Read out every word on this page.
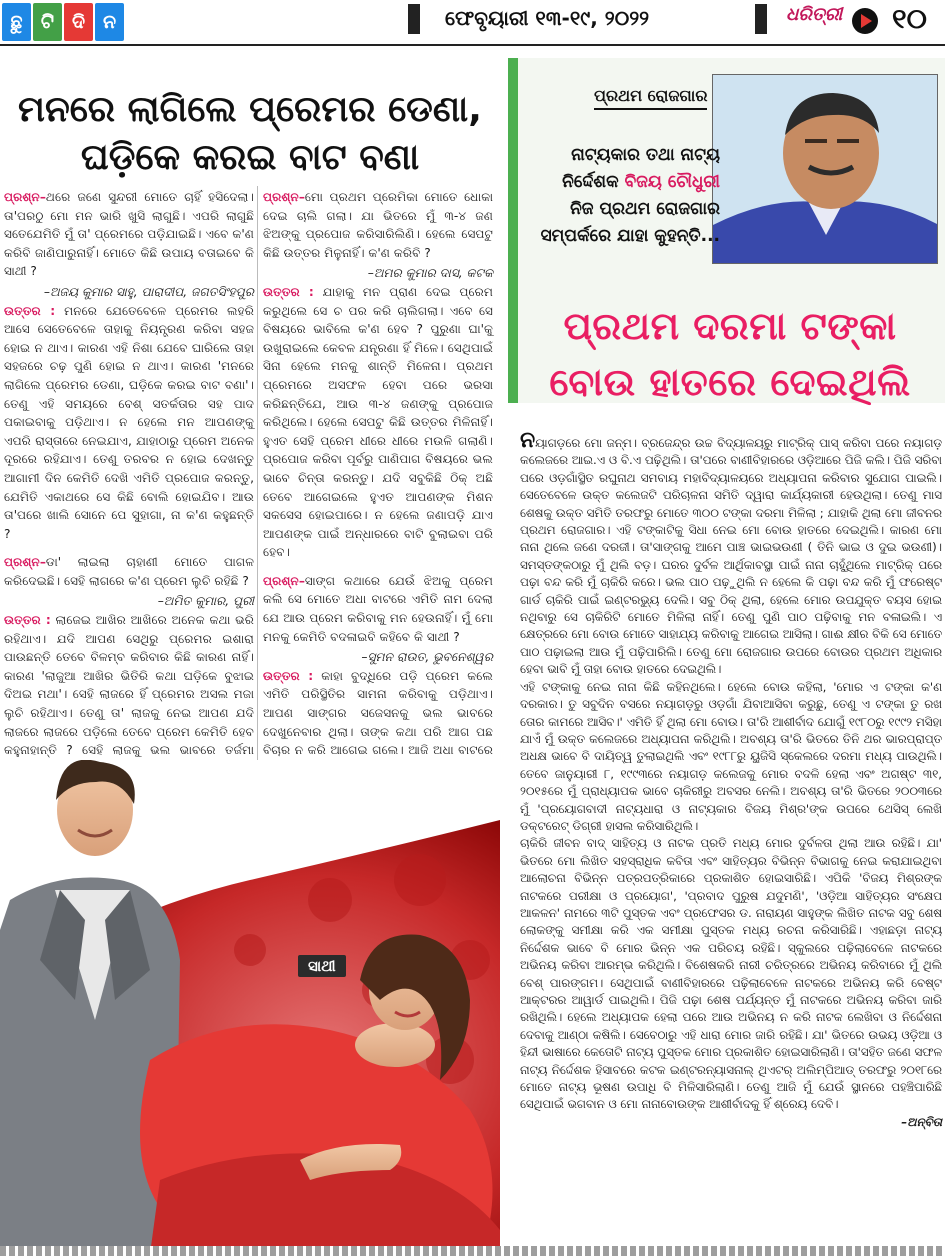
ଛୁ ଟି ଦି ନ	ଫେବୃୟାରୀ ୧୩-୧୯, ୨୦୨୨	ଧରିତ୍ରୀ ୧୦
ମନରେ ଲାଗିଲେ ପ୍ରେମର ଡେଣା,
ଘଡ଼ିକେ କରଇ ବାଟ ବଣା

ପ୍ରଶ୍ନ–ଥରେ ଜଣେ ସୁନ୍ଦରୀ ମୋତେ ଚାହିଁ ହସିଦେଲା। ତା'ପରଠୁ ମୋ ମନ ଭାରି ଖୁସି ଲାଗୁଛି। ଏପରି ଲାଗୁଛି ସତେଯେମିତି ମୁଁ ତା' ପ୍ରେମରେ ପଡ଼ିଯାଇଛି। ଏବେ କ'ଣ କରିବି ଜାଣିପାରୁନାହିଁ। ମୋତେ କିଛି ଉପାୟ ବତାଇବେ କି ସାଥୀ ?

–ଅଜୟ କୁମାର ସାହୁ, ପାରାଦୀପ, ଜଗତସିଂହପୁର

ଉତ୍ତର : ମନରେ ଯେତେବେଳେ ପ୍ରେମର ଲହରି ଆସେ ସେତେବେଳେ ତାହାକୁ ନିୟନ୍ତ୍ରଣ କରିବା ସହଜ ହୋଇ ନ ଥାଏ। କାରଣ ଏହି ନିଶା ଯେବେ ଘାରିଲେ ତାହା ସହଜରେ ଚଢ଼ ପୁଣି ହୋଇ ନ ଥାଏ। କାରଣ 'ମନରେ ଲାଗିଲେ ପ୍ରେମର ଡେଣା, ଘଡ଼ିକେ କରଇ ବାଟ ବଣା'। ତେଣୁ ଏହି ସମୟରେ ବେଶ୍ ସତର୍କତାର ସହ ପାଦ ପକାଇବାକୁ ପଡ଼ିଥାଏ। ନ ହେଲେ ମନ ଆପଣଙ୍କୁ ଏପରି ରାସ୍ତାରେ ନେଇଯାଏ, ଯାହାଠାରୁ ପ୍ରେମ ଅନେକ ଦୂରରେ ରହିଯାଏ। ତେଣୁ ତରବର ନ ହୋଇ ଦେଖନ୍ତୁ ଆଗାମୀ ଦିନ କେମିତି ଦେଖି ଏମିତି ପ୍ରପୋଜ କରନ୍ତୁ, ଯେମିତି ଏକାଥରେ ସେ କିଛି ବୋଲି ହୋଇଯିବ। ଆଉ ତା'ପରେ ଖାଲି ସୋନେ ପେ ସୁହାଗା, ନା କ'ଣ କହୁଛନ୍ତି ?

ପ୍ରଶ୍ନ–ଡା' ଲାଇଲା ଚାହାଣୀ ମୋତେ ପାଗଳ କରିଦେଇଛି। ସେହି ଲାଗରେ କ'ଣ ପ୍ରେମ ଲୁଚି ରହିଛି ?

–ଅମିତ କୁମାର, ପୁରୀ

ଉତ୍ତର : ଲାଜେଇ ଆଖିର ଆଖିରେ ଅନେକ କଥା ଭରି ରହିଥାଏ। ଯଦି ଆପଣ ସେଥିରୁ ପ୍ରେମର ଇଶାରା ପାଉଛନ୍ତି ତେବେ ବିଳମ୍ବ କରିବାର କିଛି କାରଣ ନାହିଁ। କାରଣ 'ଲାଜୁଆ ଆଖିର ଭିତିରି କଥା ଘଡ଼ିକେ ବୁଝାଇ ଦିଅଇ ମଥା'। ସେହି ଲାଜରେ ହିଁ ପ୍ରେମର ଅସଲ ମଜା ଲୁଚି ରହିଥାଏ। ତେଣୁ ତା' ଲାଜକୁ ନେଇ ଆପଣ ଯଦି ଲାଜରେ ଲାଜରେ ପଡ଼ିଲେ ତେବେ ପ୍ରେମ କେମିତି ହେବ କହୁନାହାନ୍ତି ? ସେହି ଲାଜକୁ ଭଲ ଭାବରେ ତର୍ଜମା

ପ୍ରଶ୍ନ–ମୋ ପ୍ରଥମ ପ୍ରେମିକା ମୋତେ ଧୋକା ଦେଇ ଚାଲି ଗଲା। ଯା ଭିତରେ ମୁଁ ୩-୪ ଜଣ ଝିଅଙ୍କୁ ପ୍ରପୋଜ କରିସାରିଲିଣି। ହେଲେ ସେପଟୁ କିଛି ଉତ୍ତର ମିଳୁନାହିଁ। କ'ଣ କରିବି ?

–ଅମର କୁମାର ଦାସ, କଟକ

ଉତ୍ତର : ଯାହାକୁ ମନ ପ୍ରାଣ ଦେଇ ପ୍ରେମ କରୁଥିଲେ ସେ ଚ ପର କରି ଚାଲିଗଲା। ଏବେ ସେ ବିଷୟରେ ଭାବିଲେ କ'ଣ ହେବ ? ପୁରୁଣା ଘା'କୁ ଉଖୁରାଇଲେ କେବଳ ଯନ୍ତ୍ରଣା ହିଁ ମିଳେ। ସେଥିପାଇଁ ସିନା ହେଲେ ମନକୁ ଶାନ୍ତି ମିଳେନା। ପ୍ରଥମ ପ୍ରେମରେ ଅସଫଳ ହେବା ପରେ ଭରସା କରିଛନ୍ତିଯେ, ଆଉ ୩-୪ ଜଣଙ୍କୁ ପ୍ରପୋଜ କରିଥିଲେ। ହେଲେ ସେପଟୁ କିଛି ଉତ୍ତର ମିଳିନାହିଁ। ହୁଏତ ସେହି ପ୍ରେମ ଧୀରେ ଧୀରେ ମଉଳି ଗଲାଣି। ପ୍ରପୋଜ କରିବା ପୂର୍ବରୁ ପାଣିପାଗ ବିଷୟରେ ଭଲ ଭାବେ ଚିନ୍ତା କରନ୍ତୁ। ଯଦି ସବୁକିଛି ଠିକ୍ ଅଛି ତେବେ ଆଗେଇଲେ ହୁଏତ ଆପଣଙ୍କ ମିଶନ ସକସେସ ହୋଇପାରେ। ନ ହେଲେ ଜଣାପଡ଼ି ଯାଏ ଆପଣଙ୍କ ପାଇଁ ଅନ୍ଧାରରେ ବାଟି ବୁଲାଇବା ପରି ହେବ।

ପ୍ରଶ୍ନ–ସାଙ୍ଗ କଥାରେ ଯେଉଁ ଝିଅକୁ ପ୍ରେମ କଲି ସେ ମୋତେ ଅଧା ବାଟରେ ଏମିତି ନାମ ଦେଲା ଯେ ଆଉ ପ୍ରେମ କରିବାକୁ ମନ ହେଉନାହିଁ। ମୁଁ ମୋ ମନକୁ କେମିତି ବଦଳାଇବି କହିବେ କି ସାଥୀ ?

–ସୁମନ ରାଉତ, ଭୁବନେଶ୍ୱର

ଉତ୍ତର : କାହା ବୁଦ୍ଧିରେ ପଡ଼ି ପ୍ରେମ କଲେ ଏମିତି ପରିସ୍ଥିତିର ସାମନା କରିବାକୁ ପଡ଼ିଥାଏ। ଆପଣ ସାଙ୍ଗର ସଜେସନକୁ ଭଲ ଭାବରେ ଦେଖୁନେବାର ଥିଲା। ତାଙ୍କ କଥା ପରି ଆଗ ପଛ ବିଚାର ନ କରି ଆଗେଇ ଗଲେ। ଆଜି ଅଧା ବାଟରେ

ସାଥୀ
ପ୍ରଥମ ରୋଜଗାର
ନାଟ୍ୟକାର ତଥା ନାଟ୍ୟ ନିର୍ଦ୍ଦେଶକ ବିଜୟ ଚୌଧୁରୀ ନିଜ ପ୍ରଥମ ରୋଜଗାର ସମ୍ପର୍କରେ ଯାହା କୁହନ୍ତି...
ପ୍ରଥମ ଦରମା ଟଙ୍କା
ବୋଉ ହାତରେ ଦେଇଥିଲି

ନୟାଗଡ଼ରେ ମୋ ଜନ୍ମ। ବ୍ରଜେନ୍ଦ୍ର ଉଚ୍ଚ ବିଦ୍ୟାଳୟରୁ ମାଟ୍ରିକ୍ ପାସ୍ କରିବା ପରେ ନୟାଗଡ଼ କଲେଜରେ ଆଇ.ଏ ଓ ବି.ଏ ପଢ଼ିଥିଲି। ତା'ପରେ ବାଣୀବିହାରରେ ଓଡ଼ିଆରେ ପିଜି କଲି। ପିଜି ସରିବା ପରେ ଓଡ଼ଗାଁସ୍ଥିତ ରଘୁନାଥ ସମବାୟ ମହାବିଦ୍ୟାଳୟରେ ଅଧ୍ୟାପନା କରିବାର ସୁଯୋଗ ପାଇଲି। ସେତେବେଳେ ଉକ୍ତ କଲେଜଟି ପରିଚାଳନା ସମିତି ଦ୍ୱାରା କାର୍ଯ୍ୟକାରୀ ହେଉଥିଲା। ତେଣୁ ମାସ ଶେଷକୁ ଉକ୍ତ ସମିତି ତରଫରୁ ମୋତେ ୩୦୦ ଟଙ୍କା ଦରମା ମିଳିଲା ; ଯାହାକି ଥିଲା ମୋ ଜୀବନର ପ୍ରଥମ ରୋଜଗାର। ଏହି ଟଙ୍କାଟିକୁ ସିଧା ନେଇ ମୋ ବୋଉ ହାତରେ ଦେଇଥିଲି। କାରଣ ମୋ ନାନା ଥିଲେ ଜଣେ ଦରଜୀ। ତା'ସାଙ୍ଗକୁ ଆମେ ପାଞ୍ଚ ଭାଇଭଉଣୀ ( ତିନି ଭାଇ ଓ ଦୁଇ ଭଉଣୀ)। ସମସ୍ତଙ୍କଠାରୁ ମୁଁ ଥିଲି ବଡ଼। ଘରର ଦୁର୍ବଳ ଆର୍ଥିକାବସ୍ଥା ପାଇଁ ନାନା ଚାହୁଁଥିଲେ ମାଟ୍ରିକ୍ ପରେ ପଢ଼ା ବନ୍ଦ କରି ମୁଁ ଚାକିରି କରେ। ଭଲ ପାଠ ପଢ଼ୁଥିଲି ନ ହେଲେ କି ପଢ଼ା ବନ୍ଦ କରି ମୁଁ ଫରେଷ୍ଟ ଗାର୍ଡ ଚାକିରି ପାଇଁ ଇଣ୍ଟରଭ୍ୟୁ ଦେଲି। ସବୁ ଠିକ୍ ଥିଲା, ହେଲେ ମୋର ଉପଯୁକ୍ତ ବୟସ ହୋଇ ନଥିବାରୁ ସେ ଚାକିରିଟି ମୋତେ ମିଳିଲା ନାହିଁ। ତେଣୁ ପୁଣି ପାଠ ପଢ଼ିବାକୁ ମନ ବଳାଇଲି। ଏ କ୍ଷେତ୍ରରେ ମୋ ବୋଉ ମୋତେ ସାହାଯ୍ୟ କରିବାକୁ ଆଗେଇ ଆସିଲା। ଗାଈ କ୍ଷୀର ବିକି ସେ ମୋତେ ପାଠ ପଢ଼ାଇଲା ଆଉ ମୁଁ ପଢ଼ିପାରିଲି। ତେଣୁ ମୋ ରୋଜଗାର ଉପରେ ବୋଉର ପ୍ରଥମ ଅଧିକାର ହେବା ଭାବି ମୁଁ ତାହା ବୋଉ ହାତରେ ଦେଇଥିଲି।

ଏହି ଟଙ୍କାକୁ ନେଇ ନାନା କିଛି କହିନଥିଲେ। ହେଲେ ବୋଉ କହିଲା, 'ମୋର ଏ ଟଙ୍କା କ'ଣ ଦରକାର। ତୁ ସବୁଦିନ ବସରେ ନୟାଗଡ଼ରୁ ଓଡ଼ଗାଁ ଯିବାଆସିବା କରୁଛୁ, ତେଣୁ ଏ ଟଙ୍କା ତୁ ରଖ ତୋର କାମରେ ଆସିବ।' ଏମିତି ହିଁ ଥିଲା ମୋ ବୋଉ। ତା'ରି ଆଶୀର୍ବାଦ ଯୋଗୁଁ ୧୯୮୦ରୁ ୧୯୯୨ ମସିହା ଯାଏଁ ମୁଁ ଉକ୍ତ କଲେଜରେ ଅଧ୍ୟାପନା କରିଥିଲି। ଅବଶ୍ୟ ତା'ରି ଭିତରେ ତିନି ଥର ଭାରପ୍ରାପ୍ତ ଅଧକ୍ଷ ଭାବେ ବି ଦାୟିତ୍ୱ ତୁଲାଇଥିଲି ଏବଂ ୧୯୮୮ରୁ ୟୁଜିସି ସ୍କେଲରେ ଦରମା ମଧ୍ୟ ପାଉଥିଲି। ତେବେ ଜାନୁୟାରୀ ୮, ୧୯୯୩ରେ ନୟାଗଡ଼ କଲେଜକୁ ମୋର ବଦଳି ହେଲା ଏବଂ ଅଗଷ୍ଟ ୩୧, ୨୦୧୫ରେ ମୁଁ ପ୍ରାଧ୍ୟାପକ ଭାବେ ଚାକିରୀରୁ ଅବସର ନେଲି। ଅବଶ୍ୟ ତା'ରି ଭିତରେ ୨୦୦୩ରେ ମୁଁ 'ପ୍ରୟୋଗବାଦୀ ନାଟ୍ୟଧାରା ଓ ନାଟ୍ୟକାର ବିଜୟ ମିଶ୍ର'ଙ୍କ ଉପରେ ଥେସିସ୍ ଲେଖି ଡକ୍ଟରେଟ୍ ଡିଗ୍ରୀ ହାସଲ କରିସାରିଥିଲି।

ଚାକିରି ଜୀବନ ବାଦ୍ ସାହିତ୍ୟ ଓ ନାଟକ ପ୍ରତି ମଧ୍ୟ ମୋର ଦୁର୍ବଳତା ଥିଲା ଆଉ ରହିଛି। ଯା' ଭିତରେ ମୋ ଲିଖିତ ସହସ୍ରାଧିକ କବିତା ଏବଂ ସାହିତ୍ୟର ବିଭିନ୍ନ ବିଭାଗକୁ ନେଇ କରାଯାଇଥିବା ଆଲୋଚନା ବିଭିନ୍ନ ପତ୍ରପତ୍ରିକାରେ ପ୍ରକାଶିତ ହୋଇସାରିଛି। ଏପିକି 'ବିଜୟ ମିଶ୍ରଙ୍କ ନାଟକରେ ପରୀକ୍ଷା ଓ ପ୍ରୟୋଗ', 'ପ୍ରବାଦ ପୁରୁଷ ଯଦୁମଣି', 'ଓଡ଼ିଆ ସାହିତ୍ୟର ସଂକ୍ଷେପ ଆକଳନ' ନାମରେ ୩ଟି ପୁସ୍ତକ ଏବଂ ପ୍ରଫେସର ଡ. ନାରାୟଣ ସାହୁଙ୍କ ଲିଖିତ ନାଟକ ସବୁ ଶେଷ ଲୋକଙ୍କୁ ସମୀକ୍ଷା କରି ଏକ ସମୀକ୍ଷା ପୁସ୍ତକ ମଧ୍ୟ ରଚନା କରିସାରିଛି। ଏହାଛଡ଼ା ନାଟ୍ୟ ନିର୍ଦ୍ଦେଶକ ଭାବେ ବି ମୋର ଭିନ୍ନ ଏକ ପରିଚୟ ରହିଛି। ସ୍କୁଲରେ ପଢ଼ିଲାବେଳେ ନାଟକରେ ଅଭିନୟ କରିବା ଆରମ୍ଭ କରିଥିଲି। ବିଶେଷକରି ନାରୀ ଚରିତ୍ରରେ ଅଭିନୟ କରିବାରେ ମୁଁ ଥିଲି ବେଶ୍ ପାରଙ୍ଗମ। ସେଥିପାଇଁ ବାଣୀବିହାରରେ ପଢ଼ିଲାବେଳେ ନାଟକରେ ଅଭିନୟ କରି ବେଷ୍ଟ ଆକ୍ଟରର ଆୱାର୍ଡ ପାଇଥିଲି। ପିଜି ପଢ଼ା ଶେଷ ପର୍ଯ୍ୟନ୍ତ ମୁଁ ନାଟକରେ ଅଭିନୟ କରିବା ଜାରି ରଖିଥିଲି। ହେଲେ ଅଧ୍ୟାପକ ହେଲା ପରେ ଆଉ ଅଭିନୟ ନ କରି ନାଟକ ଲେଖିବା ଓ ନିର୍ଦ୍ଦେଶନା ଦେବାକୁ ଆଣ୍ଠା କଷିଲି। ସେବେଠାରୁ ଏହି ଧାରା ମୋର ଜାରି ରହିଛି। ଯା' ଭିତରେ ଉଭୟ ଓଡ଼ିଆ ଓ ହିନ୍ଦୀ ଭାଷାରେ କେତୋଟି ନାଟ୍ୟ ପୁସ୍ତକ ମୋର ପ୍ରକାଶିତ ହୋଇସାରିଲାଣି। ତା'ସହିତ ଜଣେ ସଫଳ ନାଟ୍ୟ ନିର୍ଦ୍ଦେଶକ ହିସାବରେ କଟକ ଇଣ୍ଟରନ୍ୟାସନାଲ୍ ଥିଏଟର୍ ଅଲିମ୍ପିଆଡ୍ ତରଫରୁ ୨୦୧୮ରେ ମୋତେ ନାଟ୍ୟ ଭୂଷଣ ଉପାଧି ବି ମିଳିସାରିଲାଣି। ତେଣୁ ଆଜି ମୁଁ ଯେଉଁ ସ୍ଥାନରେ ପହଞ୍ଚିପାରିଛି ସେଥିପାଇଁ ଭଗବାନ ଓ ମୋ ନାନାବୋଉଙ୍କ ଆଶୀର୍ବାଦକୁ ହିଁ ଶ୍ରେୟ ଦେବି।

–ଅନ୍ବିତା
